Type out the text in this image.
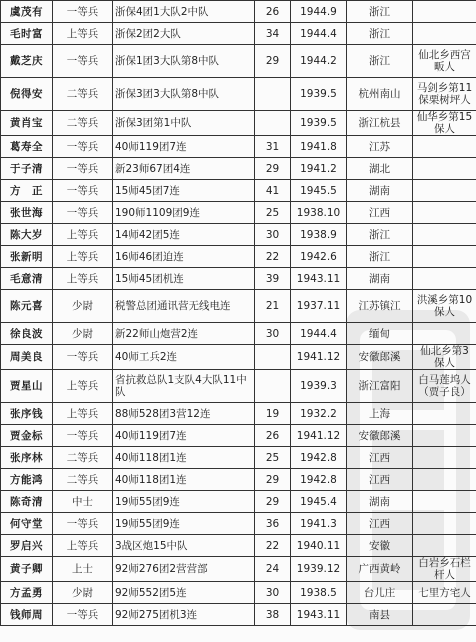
虞茂有	一等兵	浙保4团1大队2中队	26	1944.9	浙江	
毛时富	上等兵	浙保2团2大队	34	1944.4	浙江	
戴芝庆	一等兵	浙保1团3大队第8中队	29	1944.2	浙江	仙北乡西宫畈人
倪得安	二等兵	浙保3团3大队第8中队		1939.5	杭州南山	马剑乡第11保栗树坪人
黄肖宝	二等兵	浙保3团第1中队		1939.5	浙江杭县	仙华乡第15保人
葛寿全	一等兵	40师119团7连	31	1941.8	江苏	
于子清	一等兵	新23师67团4连	29	1941.2	湖北	
方　正	一等兵	15师45团7连	41	1945.5	湖南	
张世海	一等兵	190师1109团9连	25	1938.10	江西	
陈大岁	上等兵	14师42团5连	30	1938.9	浙江	
张新明	上等兵	16师46团迫连	22	1942.6	浙江	
毛意清	上等兵	15师45团机连	39	1943.11	湖南	
陈元喜	少尉	税警总团通讯营无线电连	21	1937.11	江苏镇江	洪溪乡第10保人
徐良波	少尉	新22师山炮营2连	30	1944.4	缅甸	
周美良	一等兵	40师工兵2连		1941.12	安徽郎溪	仙北乡第3保人
贾星山	上等兵	省抗救总队1支队4大队11中队		1939.3	浙江富阳	白马莲坞人（贾子良）
张序钱	上等兵	88师528团3营12连	19	1932.2	上海	
贾金标	一等兵	40师119团7连	26	1941.12	安徽郎溪	
张序林	二等兵	40师118团1连	25	1942.8	江西	
方能鸿	二等兵	40师118团1连	29	1942.8	江西	
陈奇清	中士	19师55团9连	29	1945.4	湖南	
何守堂	一等兵	19师55团9连	36	1941.3	江西	
罗启兴	上等兵	3战区炮15中队	22	1940.11	安徽	
黄子卿	上士	92师276团2营营部	24	1939.12	广西黄岭	白岩乡石栏杆人
方孟勇	少尉	92师552团5连	30	1938.5	台儿庄	七里方宅人
钱师周	一等兵	92师275团机3连	38	1943.11	南县	
